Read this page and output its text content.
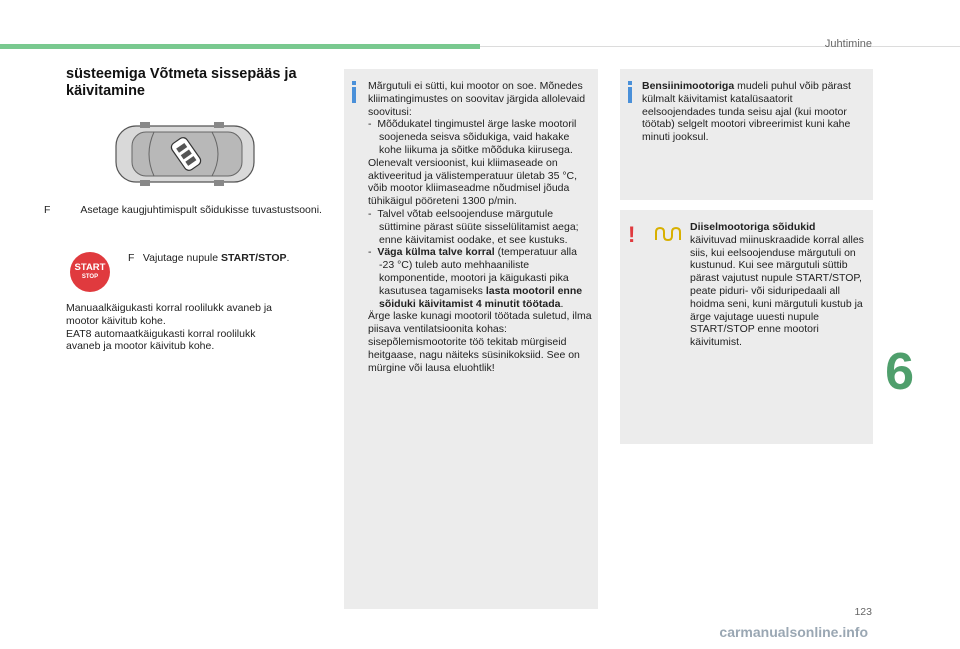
Juhtimine
süsteemiga Võtmeta sissepääs ja käivitamine
F	Asetage kaugjuhtimispult sõidukisse tuvastustsooni.
START
STOP
F Vajutage nupule START/STOP.
Manuaalkäigukasti korral roolilukk avaneb ja
mootor käivitub kohe.
EAT8 automaatkäigukasti korral roolilukk
avaneb ja mootor käivitub kohe.
Mãrgutuli ei sütti, kui mootor on soe. Mõnedes kliimatingimustes on soovitav järgida allolevaid soovitusi:
- Mõõdukatel tingimustel ärge laske mootoril soojeneda seisva sõidukiga, vaid hakake kohe liikuma ja sõitke mõõduka kiirusega.
Olenevalt versioonist, kui kliimaseade on aktiveeritud ja välistemperatuur ületab 35 °C, võib mootor kliimaseadme nõudmisel jõuda tühikäigul pööreteni 1300 p/min.
- Talvel võtab eelsoojenduse märgutule süttimine pärast süüte sisselülitamist aega; enne käivitamist oodake, et see kustuks.
- Väga külma talve korral (temperatuur alla -23 °C) tuleb auto mehhaaniliste komponentide, mootori ja käigukasti pika kasutusea tagamiseks lasta mootoril enne sõiduki käivitamist 4 minutit töötada.
Ärge laske kunagi mootoril töötada suletud, ilma piisava ventilatsioonita kohas: sisepõlemismootorite töö tekitab mürgiseid heitgaase, nagu näiteks süsinikoksiid. See on mürgine või lausa eluohtlik!
Bensiinimootoriga mudeli puhul võib pärast külmalt käivitamist katalüsaatorit eelsoojendades tunda seisu ajal (kui mootor töötab) selgelt mootori vibreerimist kuni kahe minuti jooksul.
!	Diiselmootoriga sõidukid
käivituvad miinuskraadide korral alles siis, kui eelsoojenduse märgutuli on kustunud. Kui see märgutuli süttib pärast vajutust nupule START/STOP, peate piduri- või siduripedaali all hoidma seni, kuni märgutuli kustub ja ärge vajutage uuesti nupule START/STOP enne mootori käivitumist.
6
123
carmanualsonline.info
